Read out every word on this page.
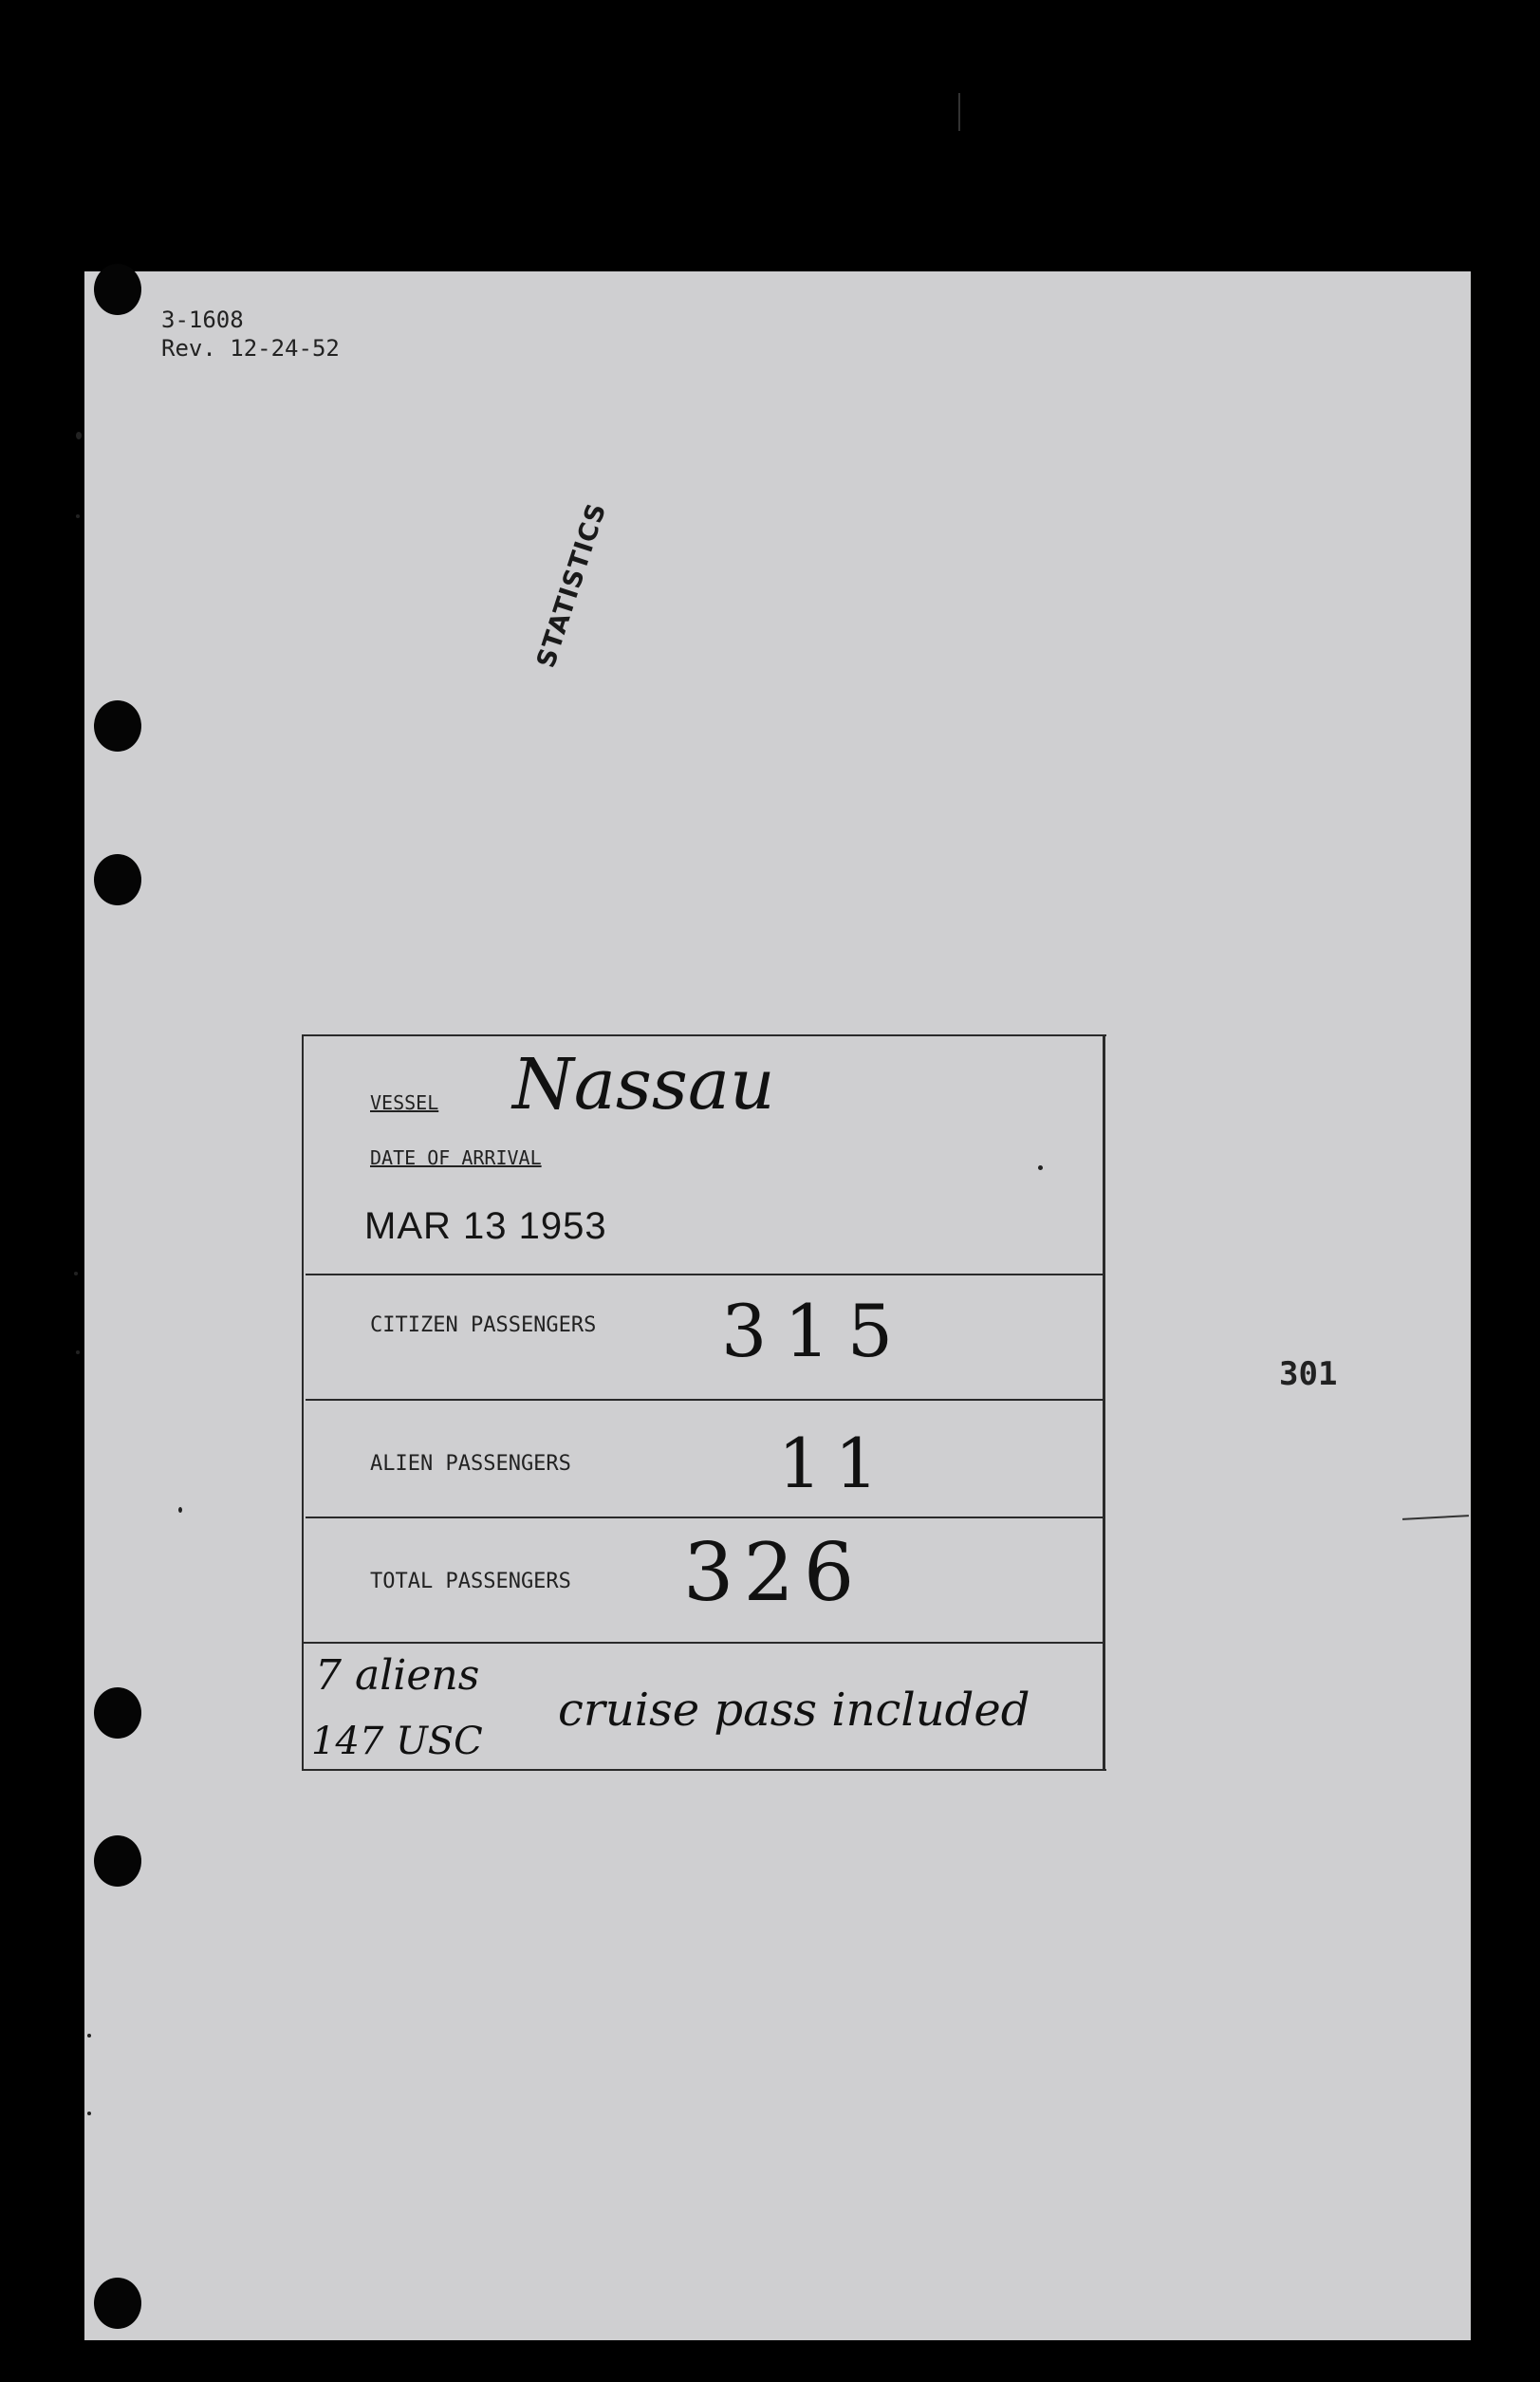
3-1608
Rev. 12-24-52
STATISTICS
301
VESSEL Nassau
DATE OF ARRIVAL
MAR 13 1953
CITIZEN PASSENGERS 315
ALIEN PASSENGERS	11
TOTAL PASSENGERS 326
7 aliens
147 USC
cruise pass included
